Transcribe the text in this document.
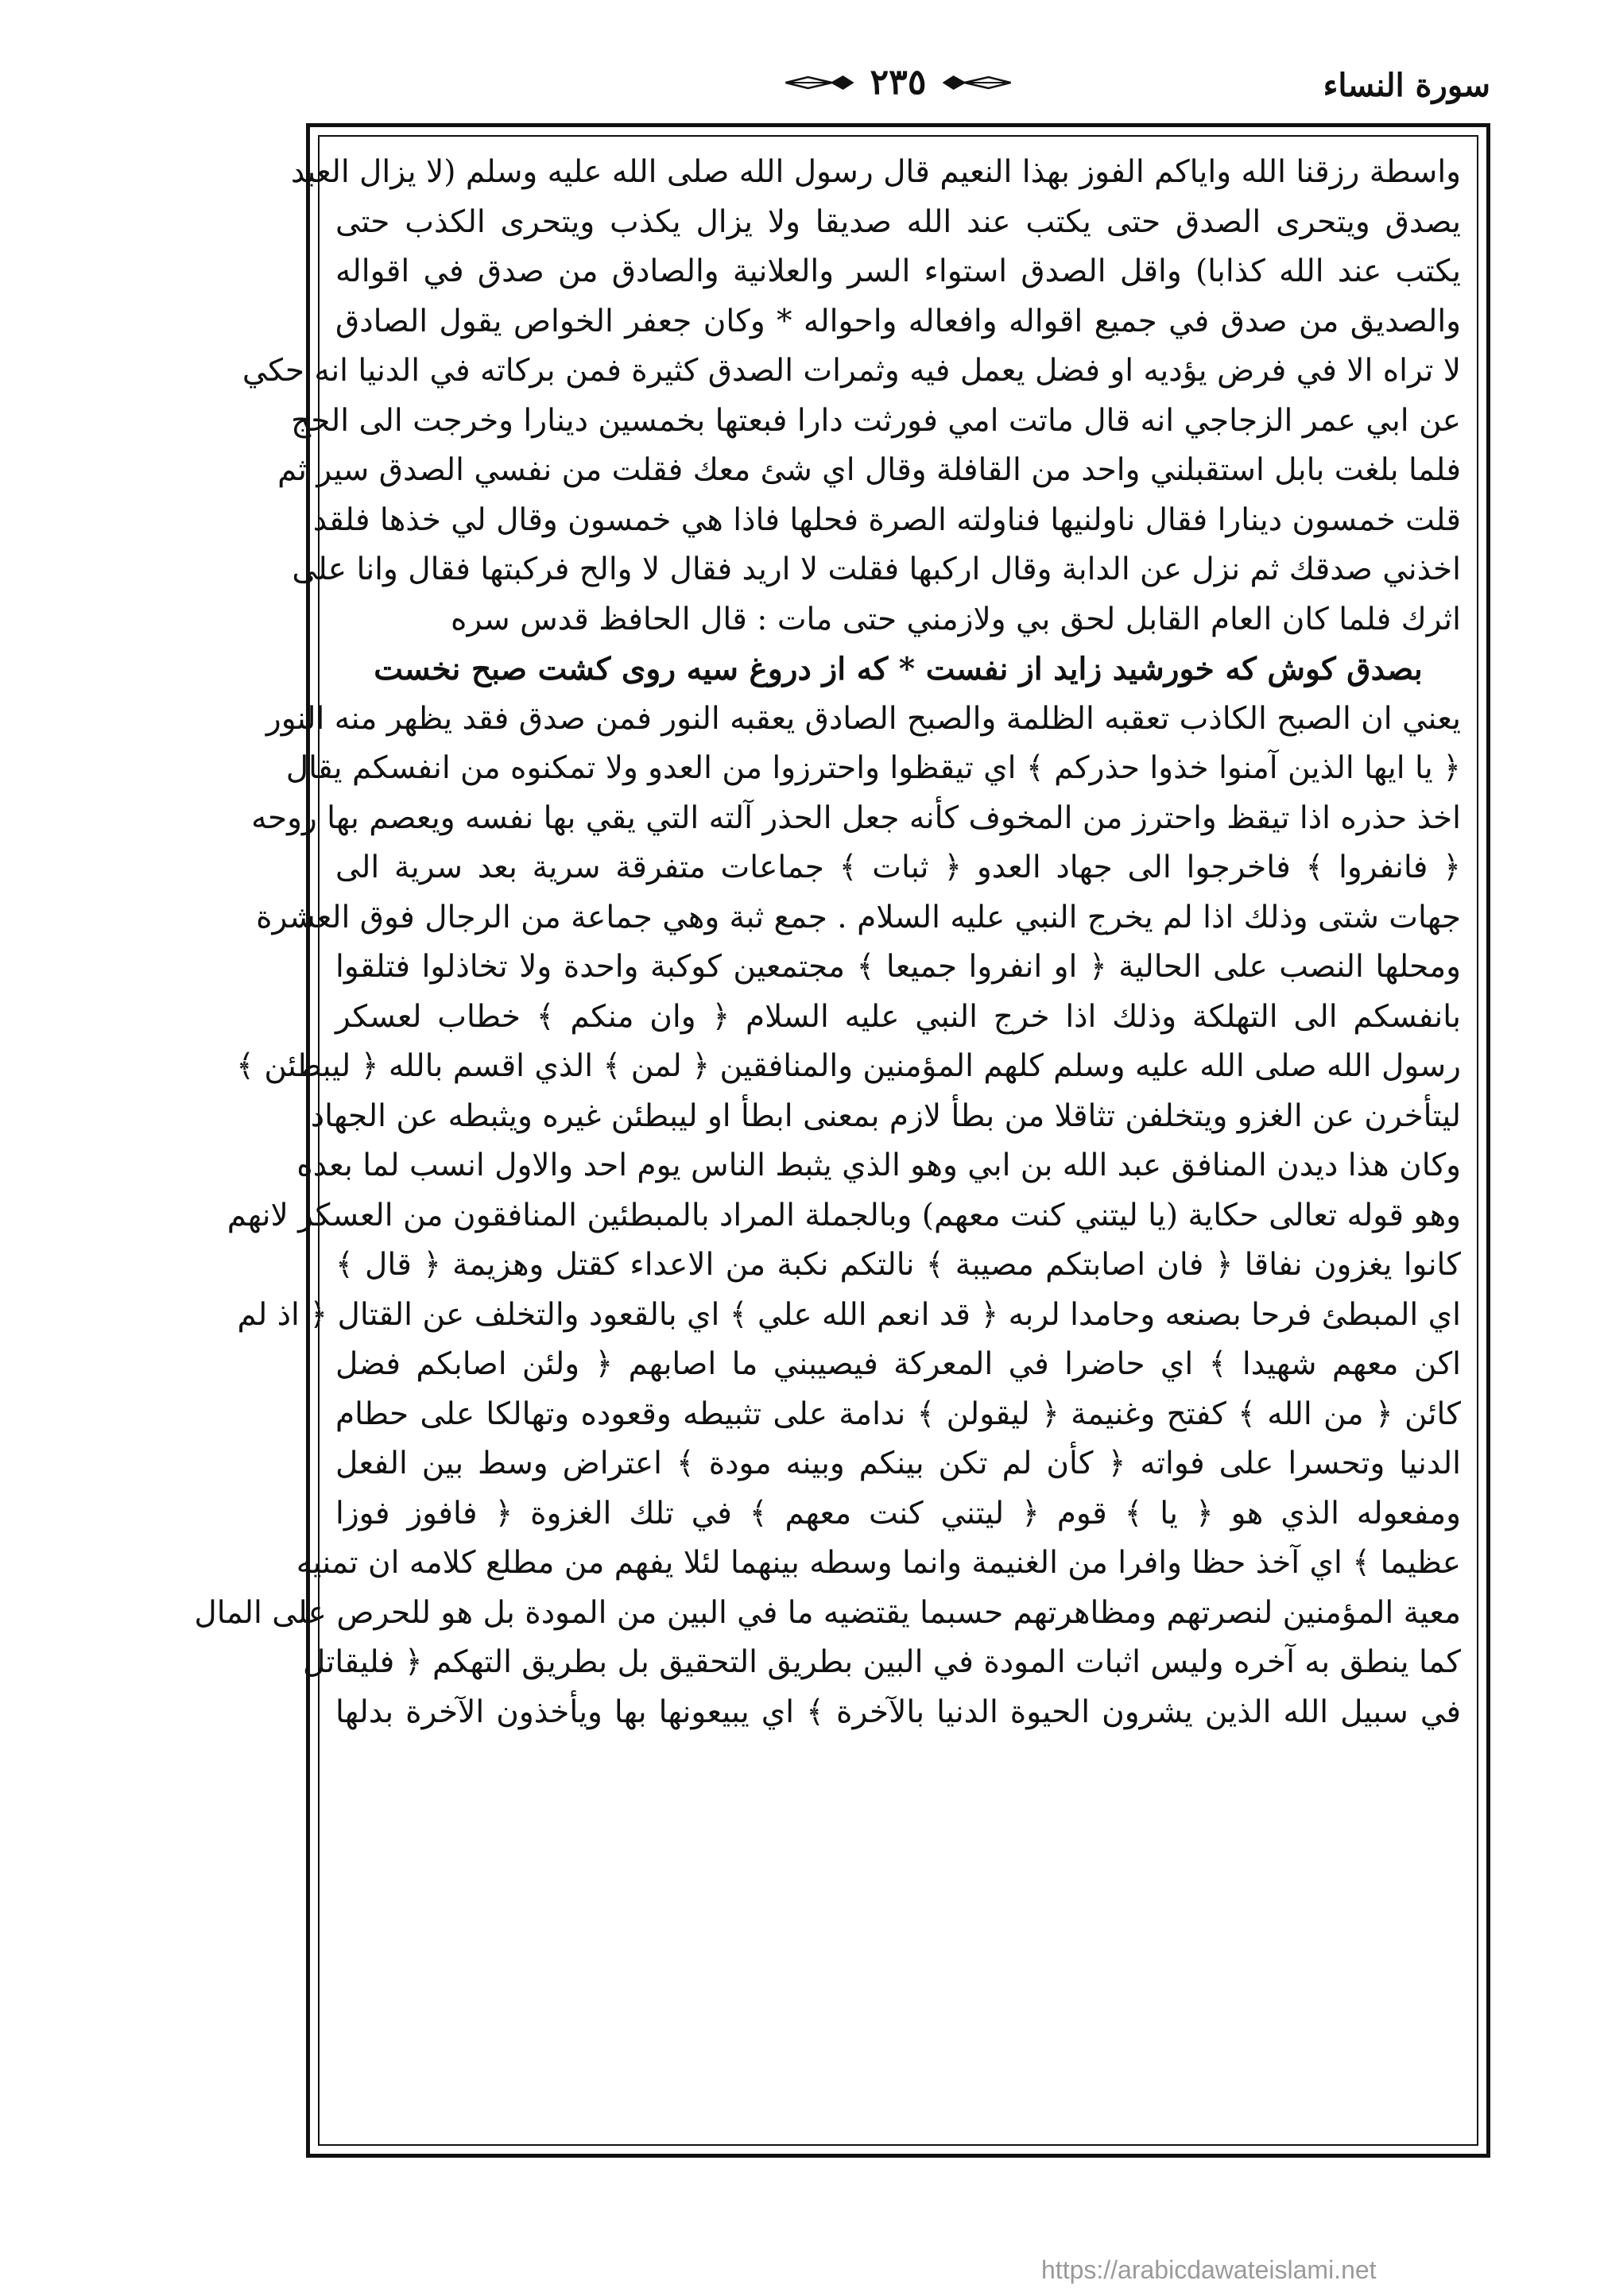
سورة النساء
٢٣٥
واسطة رزقنا الله واياكم الفوز بهذا النعيم قال رسول الله صلى الله عليه وسلم (لا يزال العبد
يصدق ويتحرى الصدق حتى يكتب عند الله صديقا ولا يزال يكذب ويتحرى الكذب حتى
يكتب عند الله كذابا) واقل الصدق استواء السر والعلانية والصادق من صدق في اقواله
والصديق من صدق في جميع اقواله وافعاله واحواله * وكان جعفر الخواص يقول الصادق
لا تراه الا في فرض يؤديه او فضل يعمل فيه وثمرات الصدق كثيرة فمن بركاته في الدنيا انه حكي
عن ابي عمر الزجاجي انه قال ماتت امي فورثت دارا فبعتها بخمسين دينارا وخرجت الى الحج
فلما بلغت بابل استقبلني واحد من القافلة وقال اي شئ معك فقلت من نفسي الصدق سير ثم
قلت خمسون دينارا فقال ناولنيها فناولته الصرة فحلها فاذا هي خمسون وقال لي خذها فلقد
اخذني صدقك ثم نزل عن الدابة وقال اركبها فقلت لا اريد فقال لا والح فركبتها فقال وانا على
اثرك فلما كان العام القابل لحق بي ولازمني حتى مات : قال الحافظ قدس سره
بصدق كوش كه خورشيد زايد از نفست * كه از دروغ سيه روى كشت صبح نخست
يعني ان الصبح الكاذب تعقبه الظلمة والصبح الصادق يعقبه النور فمن صدق فقد يظهر منه النور
﴿ يا ايها الذين آمنوا خذوا حذركم ﴾ اي تيقظوا واحترزوا من العدو ولا تمكنوه من انفسكم يقال
اخذ حذره اذا تيقظ واحترز من المخوف كأنه جعل الحذر آلته التي يقي بها نفسه ويعصم بها روحه
﴿ فانفروا ﴾ فاخرجوا الى جهاد العدو ﴿ ثبات ﴾ جماعات متفرقة سرية بعد سرية الى
جهات شتى وذلك اذا لم يخرج النبي عليه السلام . جمع ثبة وهي جماعة من الرجال فوق العشرة
ومحلها النصب على الحالية ﴿ او انفروا جميعا ﴾ مجتمعين كوكبة واحدة ولا تخاذلوا فتلقوا
بانفسكم الى التهلكة وذلك اذا خرج النبي عليه السلام ﴿ وان منكم ﴾ خطاب لعسكر
رسول الله صلى الله عليه وسلم كلهم المؤمنين والمنافقين ﴿ لمن ﴾ الذي اقسم بالله ﴿ ليبطئن ﴾
ليتأخرن عن الغزو ويتخلفن تثاقلا من بطأ لازم بمعنى ابطأ او ليبطئن غيره ويثبطه عن الجهاد
وكان هذا ديدن المنافق عبد الله بن ابي وهو الذي يثبط الناس يوم احد والاول انسب لما بعده
وهو قوله تعالى حكاية (يا ليتني كنت معهم) وبالجملة المراد بالمبطئين المنافقون من العسكر لانهم
كانوا يغزون نفاقا ﴿ فان اصابتكم مصيبة ﴾ نالتكم نكبة من الاعداء كقتل وهزيمة ﴿ قال ﴾
اي المبطئ فرحا بصنعه وحامدا لربه ﴿ قد انعم الله علي ﴾ اي بالقعود والتخلف عن القتال ﴿ اذ لم
اكن معهم شهيدا ﴾ اي حاضرا في المعركة فيصيبني ما اصابهم ﴿ ولئن اصابكم فضل
كائن ﴿ من الله ﴾ كفتح وغنيمة ﴿ ليقولن ﴾ ندامة على تثبيطه وقعوده وتهالكا على حطام
الدنيا وتحسرا على فواته ﴿ كأن لم تكن بينكم وبينه مودة ﴾ اعتراض وسط بين الفعل
ومفعوله الذي هو ﴿ يا ﴾ قوم ﴿ ليتني كنت معهم ﴾ في تلك الغزوة ﴿ فافوز فوزا
عظيما ﴾ اي آخذ حظا وافرا من الغنيمة وانما وسطه بينهما لئلا يفهم من مطلع كلامه ان تمنيه
معية المؤمنين لنصرتهم ومظاهرتهم حسبما يقتضيه ما في البين من المودة بل هو للحرص على المال
كما ينطق به آخره وليس اثبات المودة في البين بطريق التحقيق بل بطريق التهكم ﴿ فليقاتل
في سبيل الله الذين يشرون الحيوة الدنيا بالآخرة ﴾ اي يبيعونها بها ويأخذون الآخرة بدلها
https://arabicdawateislami.net
